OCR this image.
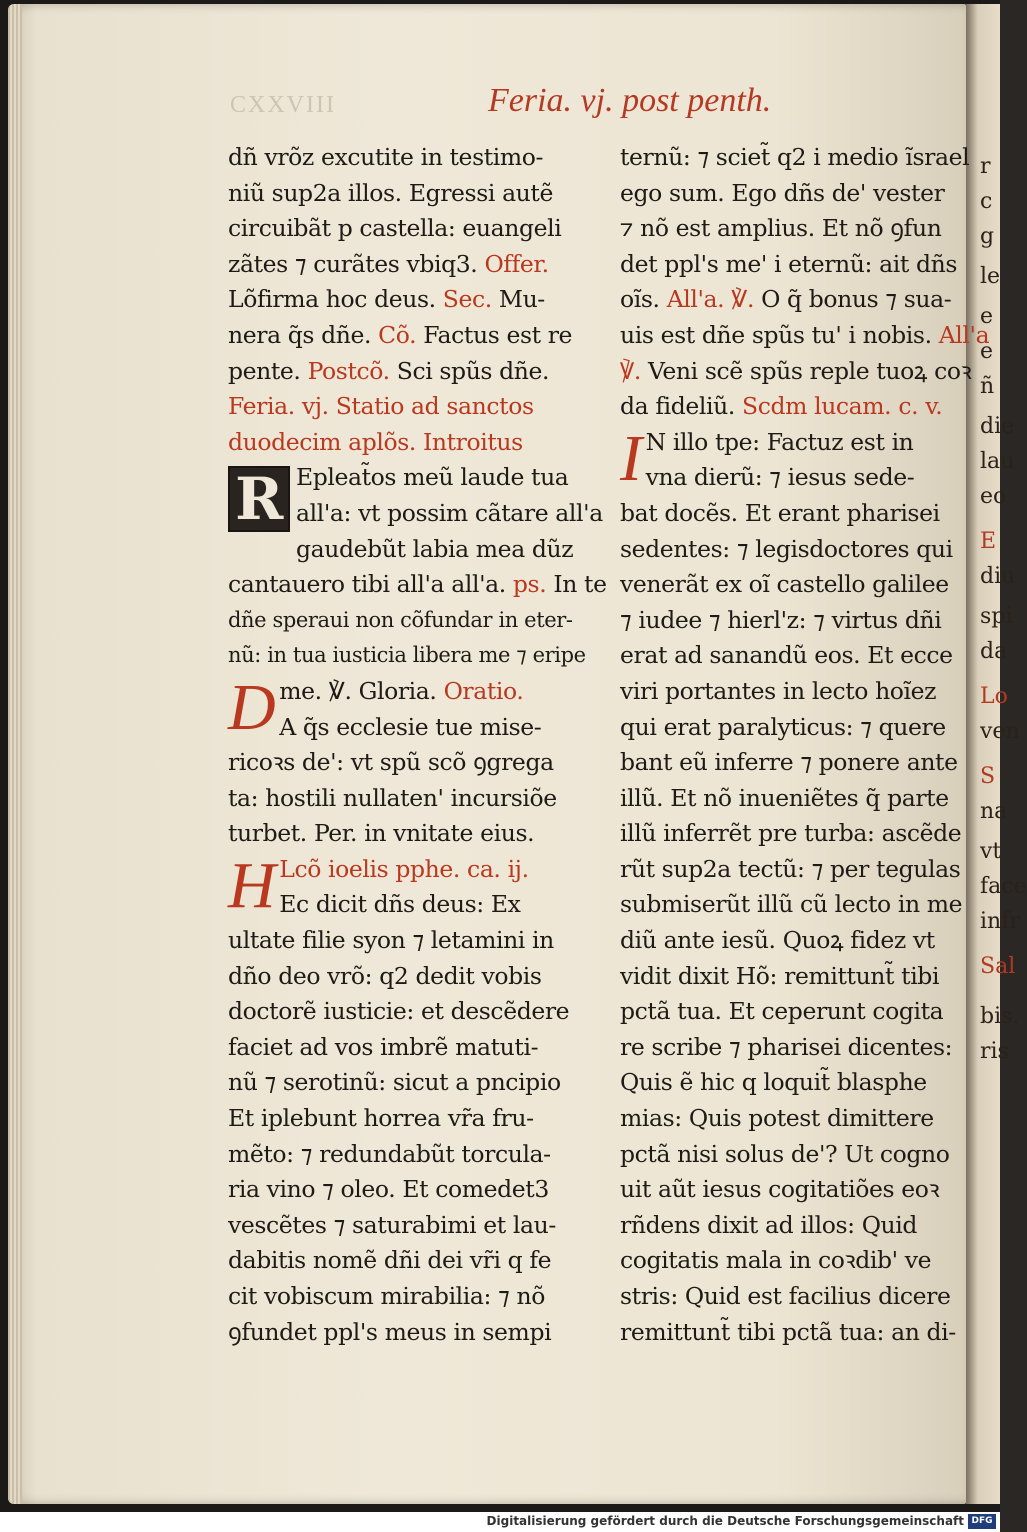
r
c
g
le
e
e
ñ
die
lau
eo
E
diu
spi
da
Lo
ven
S
na
vt
face
infr
Sal
bis.
ris
CXXVIII	Feria. vj. post penth.
dñ vrõz excutite in testimo-
niũ sup2a illos. Egressi autẽ
circuibãt p castella: euangeli
zãtes ⁊ curãtes vbiq3. Offer.
Lõfirma hoc deus. Sec. Mu-
nera q̃s dñe. Cõ. Factus est re
pente. Postcõ. Sci spũs dñe.
Feria. vj. Statio ad sanctos
duodecim aplõs. Introitus
R Epleat̃os meũ laude tua
all'a: vt possim cãtare all'a
gaudebũt labia mea dũz
cantauero tibi all'a all'a. ps. In te
dñe speraui non cõfundar in eter-
nũ: in tua iusticia libera me ⁊ eripe
D me. ℣. Gloria. Oratio.
A q̃s ecclesie tue mise-
ricoꝛs de': vt spũ scõ ꝯgrega
ta: hostili nullaten' incursiõe
turbet. Per. in vnitate eius.
H Lcõ ioelis pphe. ca. ij.
Ec dicit dñs deus: Ex
ultate filie syon ⁊ letamini in
dño deo vrõ: q2 dedit vobis
doctorẽ iusticie: et descẽdere
faciet ad vos imbrẽ matuti-
nũ ⁊ serotinũ: sicut a pncipio
Et iplebunt horrea vr̃a fru-
mẽto: ⁊ redundabũt torcula-
ria vino ⁊ oleo. Et comedet3
vescẽtes ⁊ saturabimi et lau-
dabitis nomẽ dñi dei vr̃i q fe
cit vobiscum mirabilia: ⁊ nõ
ꝯfundet ppl's meus in sempi
ternũ: ⁊ sciet̃ q2 i medio ĩsrael
ego sum. Ego dñs de' vester
⁊ nõ est amplius. Et nõ ꝯfun
det ppl's me' i eternũ: ait dñs
oĩs. All'a. ℣. O q̃ bonus ⁊ sua-
uis est dñe spũs tu' i nobis. All'a
℣. Veni scẽ spũs reple tuoꝝ coꝛ
da fideliũ. Scdm lucam. c. v.
I N illo tpe: Factuz est in
vna dierũ: ⁊ iesus sede-
bat docẽs. Et erant pharisei
sedentes: ⁊ legisdoctores qui
venerãt ex oĩ castello galilee
⁊ iudee ⁊ hierl'z: ⁊ virtus dñi
erat ad sanandũ eos. Et ecce
viri portantes in lecto hoĩez
qui erat paralyticus: ⁊ quere
bant eũ inferre ⁊ ponere ante
illũ. Et nõ inueniẽtes q̃ parte
illũ inferrẽt pre turba: ascẽde
rũt sup2a tectũ: ⁊ per tegulas
submiserũt illũ cũ lecto in me
diũ ante iesũ. Quoꝝ fidez vt
vidit dixit Hõ: remittunt̃ tibi
pctã tua. Et ceperunt cogita
re scribe ⁊ pharisei dicentes:
Quis ẽ hic q loquit̃ blasphe
mias: Quis potest dimittere
pctã nisi solus de'? Ut cogno
uit aũt iesus cogitatiões eoꝛ
rñdens dixit ad illos: Quid
cogitatis mala in coꝛdib' ve
stris: Quid est facilius dicere
remittunt̃ tibi pctã tua: an di-
Digitalisierung gefördert durch die Deutsche Forschungsgemeinschaft DFG
